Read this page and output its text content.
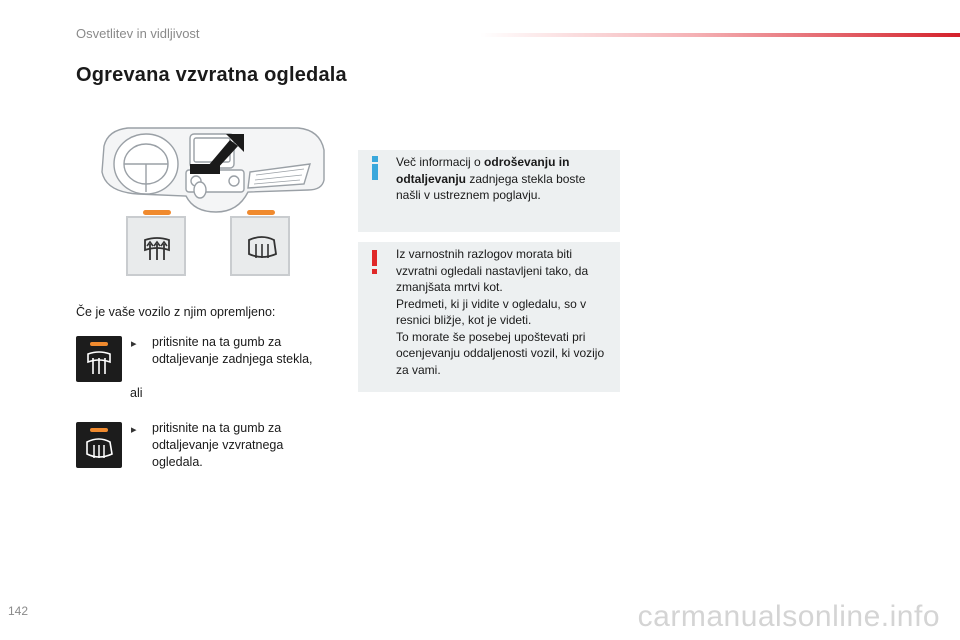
Osvetlitev in vidljivost
Ogrevana vzvratna ogledala
Če je vaše vozilo z njim opremljeno:
▸ pritisnite na ta gumb za
odtaljevanje zadnjega stekla,
ali
▸ pritisnite na ta gumb za
odtaljevanje vzvratnega
ogledala.
Več informacij o odroševanju in
odtaljevanju zadnjega stekla boste
našli v ustreznem poglavju.
Iz varnostnih razlogov morata biti
vzvratni ogledali nastavljeni tako, da
zmanjšata mrtvi kot.
Predmeti, ki ji vidite v ogledalu, so v
resnici bližje, kot je videti.
To morate še posebej upoštevati pri
ocenjevanju oddaljenosti vozil, ki vozijo
za vami.
142	carmanualsonline.info
